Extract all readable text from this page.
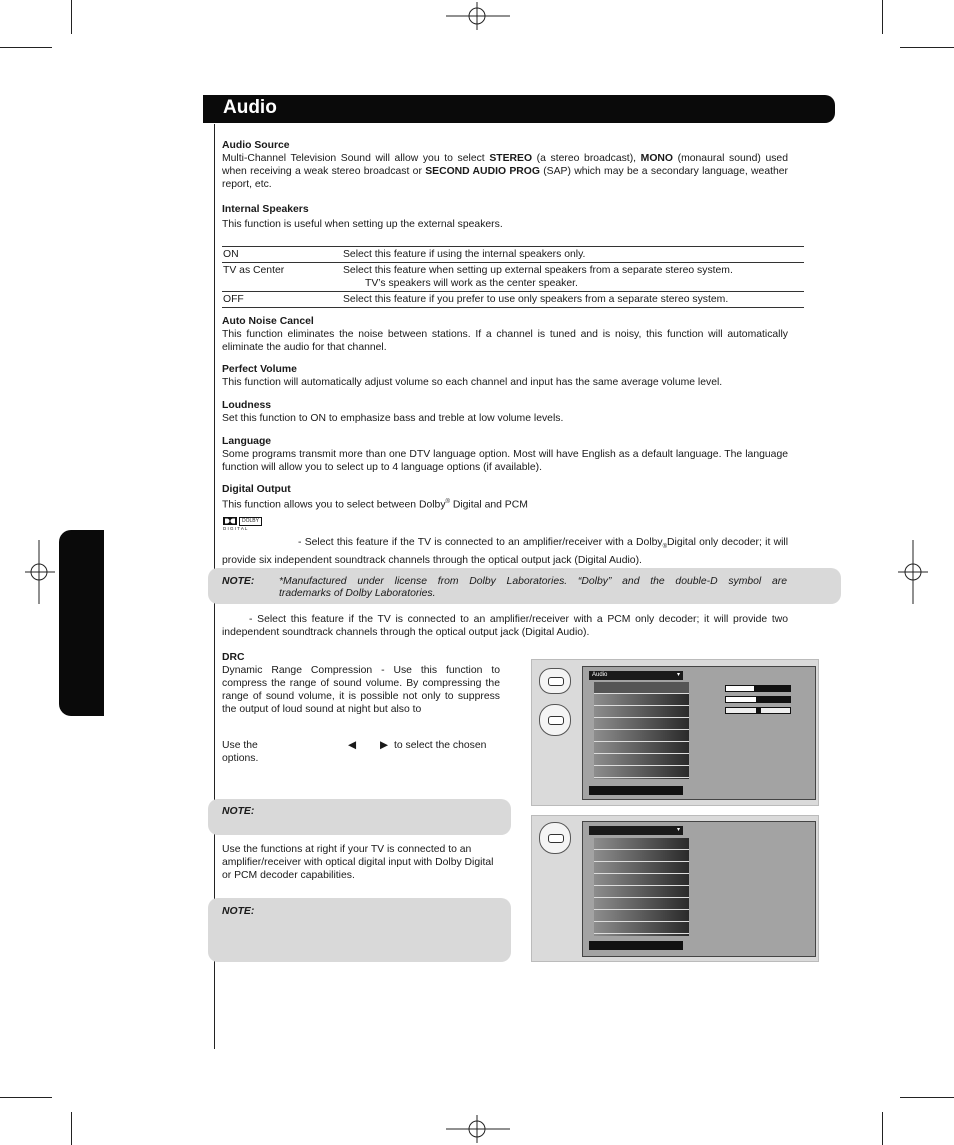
Audio
Audio Source
Multi-Channel Television Sound will allow you to select STEREO (a stereo broadcast), MONO (monaural sound) used when receiving a weak stereo broadcast or SECOND AUDIO PROG (SAP) which may be a secondary language, weather report, etc.
Internal Speakers
This function is useful when setting up the external speakers.
ON	Select this feature if using the internal speakers only.
TV as Center	Select this feature when setting up external speakers from a separate stereo system.
TV’s speakers will work as the center speaker.

OFF	Select this feature if you prefer to use only speakers from a separate stereo system.
Auto Noise Cancel
This function eliminates the noise between stations. If a channel is tuned and is noisy, this function will automatically eliminate the audio for that channel.
Perfect Volume
This function will automatically adjust volume so each channel and input has the same average volume level.
Loudness
Set this function to ON to emphasize bass and treble at low volume levels.
Language
Some programs transmit more than one DTV language option. Most will have English as a default language. The language function will allow you to select up to 4 language options (if available).
Digital Output
This function allows you to select between Dolby® Digital and PCM
DOLBY
D I G I T A L
- Select this feature if the TV is connected to an amplifier/receiver with a Dolby$_®$Digital only decoder; it will provide six independent soundtrack channels through the optical output jack (Digital Audio).
NOTE: *Manufactured under license from Dolby Laboratories. “Dolby” and the double-D symbol are
trademarks of Dolby Laboratories.
- Select this feature if the TV is connected to an amplifier/receiver with a PCM only decoder; it will provide two independent soundtrack channels through the optical output jack (Digital Audio).
DRC
Dynamic Range Compression - Use this function to compress the range of sound volume. By compressing the range of sound volume, it is possible not only to suppress the output of loud sound at night but also to
Use the	◀ ▶ to select the chosen
options.
NOTE:
Use the functions at right if your TV is connected to an amplifier/receiver with optical digital input with Dolby Digital or PCM decoder capabilities.
NOTE:
Audio	▾
▾
